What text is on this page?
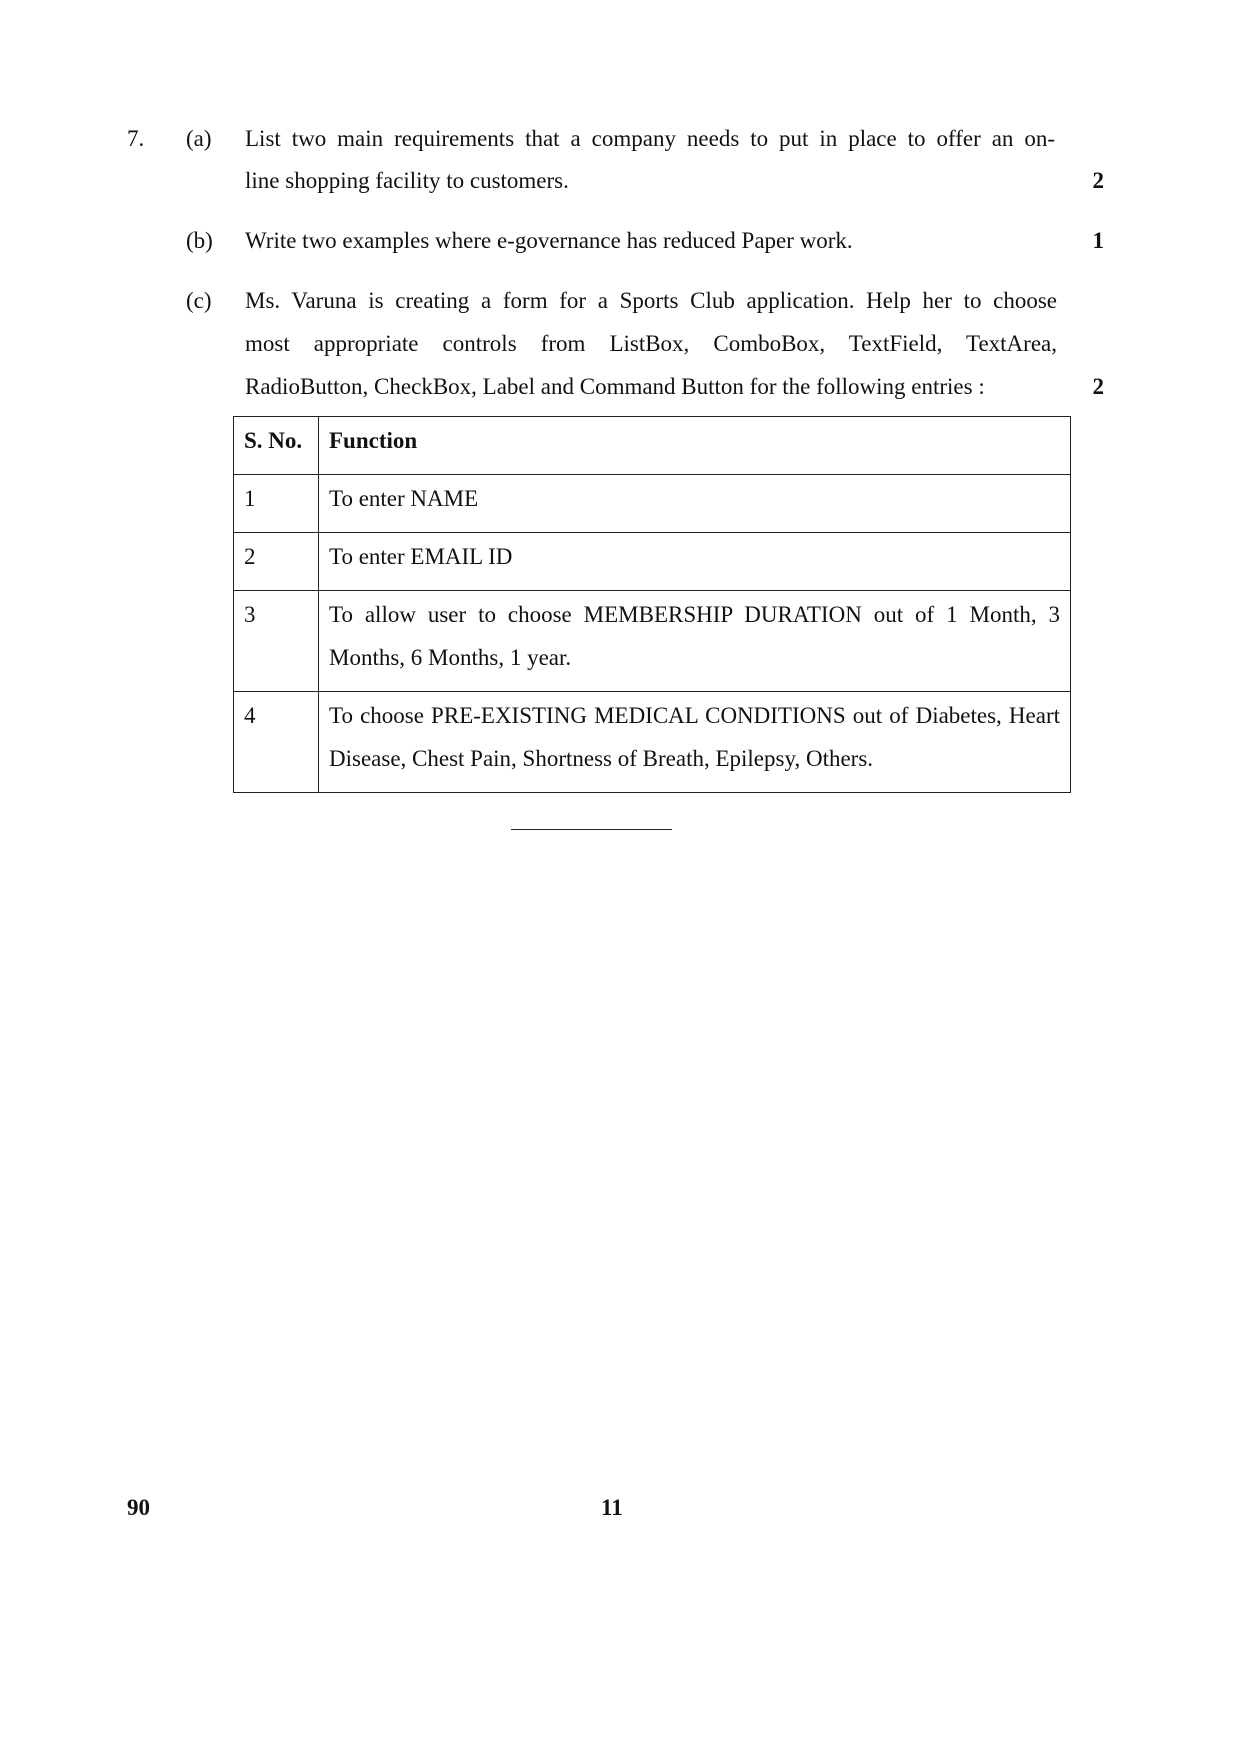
7. (a) List two main requirements that a company needs to put in place to offer an on-
line shopping facility to customers.	2
(b) Write two examples where e-governance has reduced Paper work.	1
(c) Ms. Varuna is creating a form for a Sports Club application. Help her to choose
most appropriate controls from ListBox, ComboBox, TextField, TextArea,
RadioButton, CheckBox, Label and Command Button for the following entries :	2
S. No.	Function
1	To enter NAME
2	To enter EMAIL ID
3	To allow user to choose MEMBERSHIP DURATION out of 1 Month, 3 Months, 6 Months, 1 year.
4	To choose PRE-EXISTING MEDICAL CONDITIONS out of Diabetes, Heart Disease, Chest Pain, Shortness of Breath, Epilepsy, Others.
90	11
